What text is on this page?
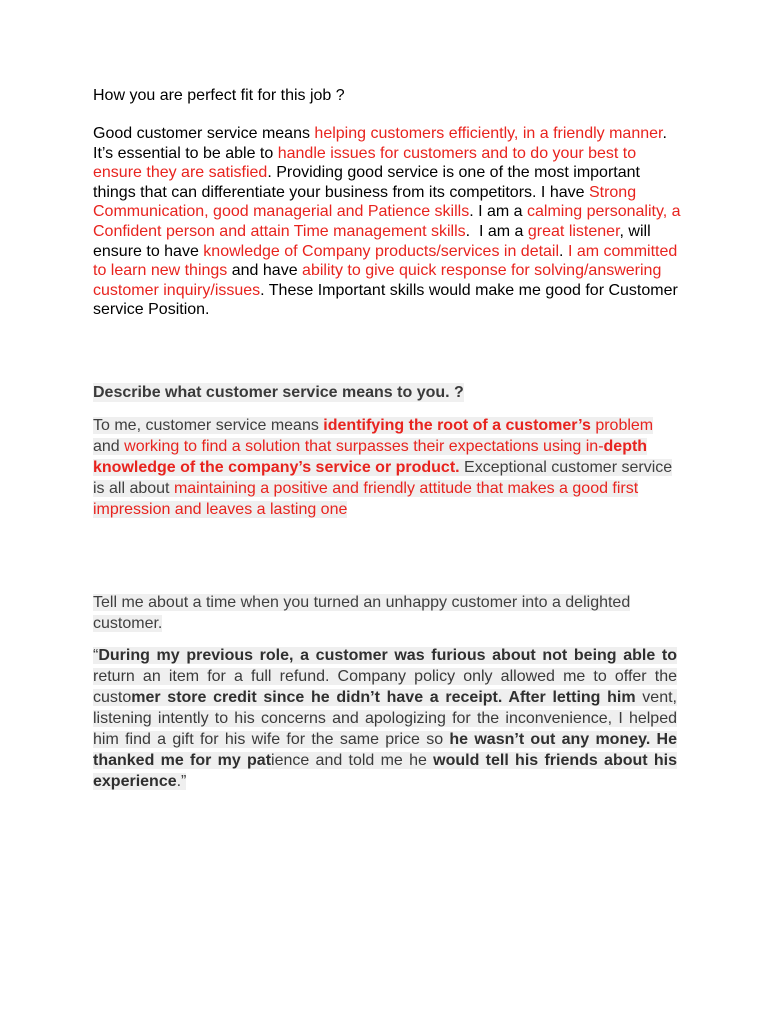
How you are perfect fit for this job ?

Good customer service means helping customers efficiently, in a friendly manner. It’s essential to be able to handle issues for customers and to do your best to ensure they are satisfied. Providing good service is one of the most important things that can differentiate your business from its competitors. I have Strong Communication, good managerial and Patience skills. I am a calming personality, a Confident person and attain Time management skills.  I am a great listener, will ensure to have knowledge of Company products/services in detail. I am committed to learn new things and have ability to give quick response for solving/answering customer inquiry/issues. These Important skills would make me good for Customer service Position.

Describe what customer service means to you. ?

To me, customer service means identifying the root of a customer’s problem and working to find a solution that surpasses their expectations using in-depth knowledge of the company’s service or product. Exceptional customer service is all about maintaining a positive and friendly attitude that makes a good first impression and leaves a lasting one

Tell me about a time when you turned an unhappy customer into a delighted customer.

“During my previous role, a customer was furious about not being able to return an item for a full refund. Company policy only allowed me to offer the customer store credit since he didn’t have a receipt. After letting him vent, listening intently to his concerns and apologizing for the inconvenience, I helped him find a gift for his wife for the same price so he wasn’t out any money. He thanked me for my patience and told me he would tell his friends about his experience.”
